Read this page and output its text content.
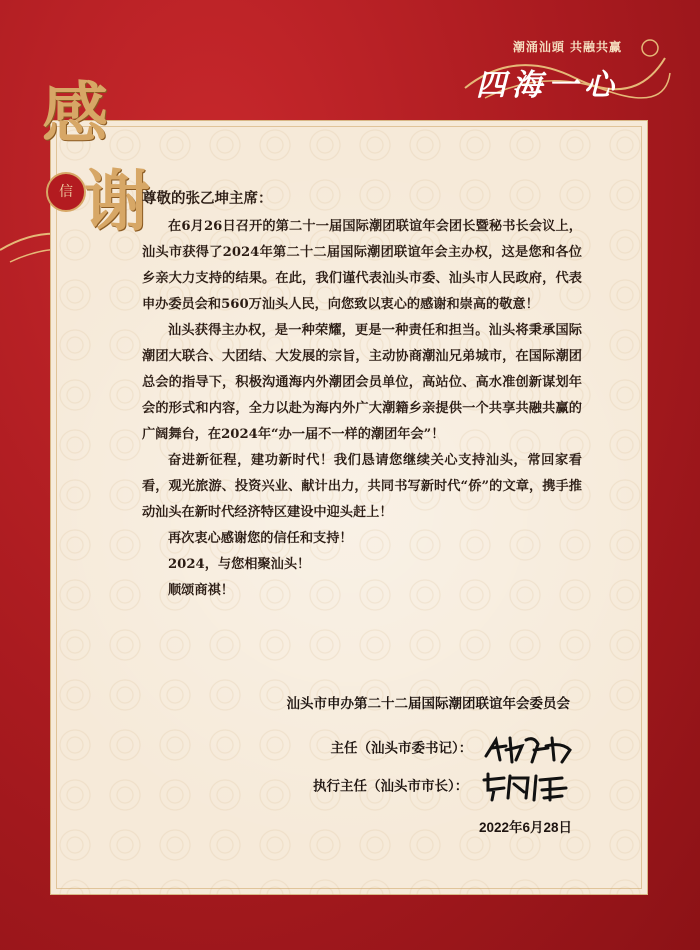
潮涌汕頭 共融共赢
四海一心
感
信 谢
尊敬的张乙坤主席：

在6月26日召开的第二十一届国际潮团联谊年会团长暨秘书长会议上，汕头市获得了2024年第二十二届国际潮团联谊年会主办权，这是您和各位乡亲大力支持的结果。在此，我们谨代表汕头市委、汕头市人民政府，代表申办委员会和560万汕头人民，向您致以衷心的感谢和崇高的敬意！

汕头获得主办权，是一种荣耀，更是一种责任和担当。汕头将秉承国际潮团大联合、大团结、大发展的宗旨，主动协商潮汕兄弟城市，在国际潮团总会的指导下，积极沟通海内外潮团会员单位，高站位、高水准创新谋划年会的形式和内容，全力以赴为海内外广大潮籍乡亲提供一个共享共融共赢的广阔舞台，在2024年“办一届不一样的潮团年会”！

奋进新征程，建功新时代！我们恳请您继续关心支持汕头，常回家看看，观光旅游、投资兴业、献计出力，共同书写新时代“侨”的文章，携手推动汕头在新时代经济特区建设中迎头赶上！

再次衷心感谢您的信任和支持！

2024，与您相聚汕头！

顺颂商祺！

汕头市申办第二十二届国际潮团联谊年会委员会
主任（汕头市委书记）：
执行主任（汕头市市长）：
2022年6月28日
